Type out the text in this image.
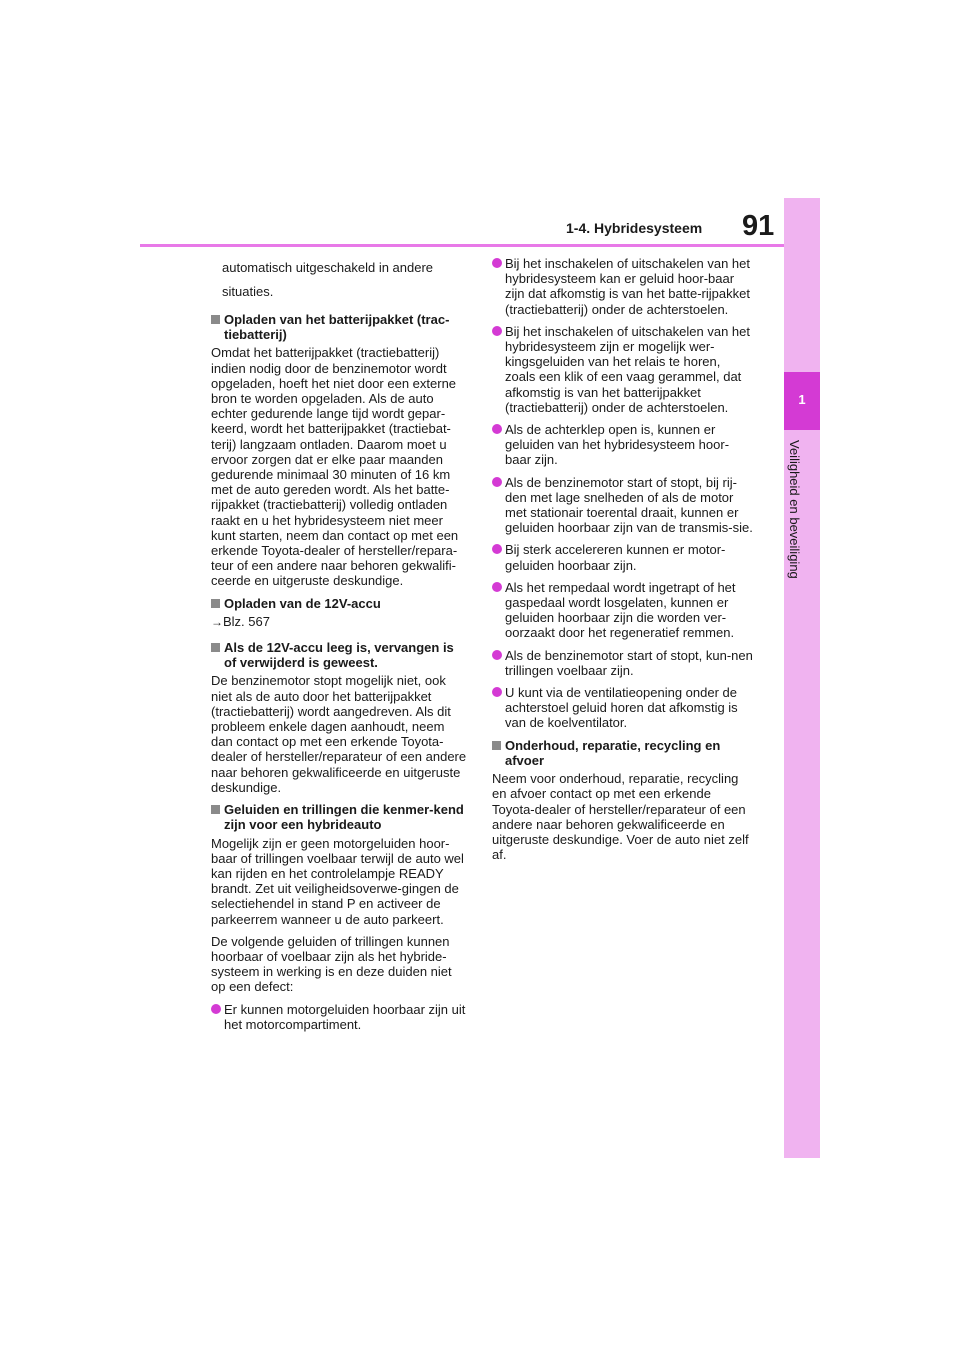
91
1-4. Hybridesysteem
1
Veiligheid en beveiliging
automatisch uitgeschakeld in andere situaties.
Opladen van het batterijpakket (trac-tiebatterij)
Omdat het batterijpakket (tractiebatterij) indien nodig door de benzinemotor wordt opgeladen, hoeft het niet door een externe bron te worden opgeladen. Als de auto echter gedurende lange tijd wordt gepar-keerd, wordt het batterijpakket (tractiebat-terij) langzaam ontladen. Daarom moet u ervoor zorgen dat er elke paar maanden gedurende minimaal 30 minuten of 16 km met de auto gereden wordt. Als het batte-rijpakket (tractiebatterij) volledig ontladen raakt en u het hybridesysteem niet meer kunt starten, neem dan contact op met een erkende Toyota-dealer of hersteller/repara-teur of een andere naar behoren gekwalifi-ceerde en uitgeruste deskundige.
Opladen van de 12V-accu
→Blz. 567
Als de 12V-accu leeg is, vervangen is of verwijderd is geweest.
De benzinemotor stopt mogelijk niet, ook niet als de auto door het batterijpakket (tractiebatterij) wordt aangedreven. Als dit probleem enkele dagen aanhoudt, neem dan contact op met een erkende Toyota-dealer of hersteller/reparateur of een andere naar behoren gekwalificeerde en uitgeruste deskundige.
Geluiden en trillingen die kenmer-kend zijn voor een hybrideauto
Mogelijk zijn er geen motorgeluiden hoor-baar of trillingen voelbaar terwijl de auto wel kan rijden en het controlelampje READY brandt. Zet uit veiligheidsoverwe-gingen de selectiehendel in stand P en activeer de parkeerrem wanneer u de auto parkeert.
De volgende geluiden of trillingen kunnen hoorbaar of voelbaar zijn als het hybride-systeem in werking is en deze duiden niet op een defect:
Er kunnen motorgeluiden hoorbaar zijn uit het motorcompartiment.
Bij het inschakelen of uitschakelen van het hybridesysteem kan er geluid hoor-baar zijn dat afkomstig is van het batte-rijpakket (tractiebatterij) onder de achterstoelen.
Bij het inschakelen of uitschakelen van het hybridesysteem zijn er mogelijk wer-kingsgeluiden van het relais te horen, zoals een klik of een vaag gerammel, dat afkomstig is van het batterijpakket (tractiebatterij) onder de achterstoelen.
Als de achterklep open is, kunnen er geluiden van het hybridesysteem hoor-baar zijn.
Als de benzinemotor start of stopt, bij rij-den met lage snelheden of als de motor met stationair toerental draait, kunnen er geluiden hoorbaar zijn van de transmis-sie.
Bij sterk accelereren kunnen er motor-geluiden hoorbaar zijn.
Als het rempedaal wordt ingetrapt of het gaspedaal wordt losgelaten, kunnen er geluiden hoorbaar zijn die worden ver-oorzaakt door het regeneratief remmen.
Als de benzinemotor start of stopt, kun-nen trillingen voelbaar zijn.
U kunt via de ventilatieopening onder de achterstoel geluid horen dat afkomstig is van de koelventilator.
Onderhoud, reparatie, recycling en afvoer
Neem voor onderhoud, reparatie, recycling en afvoer contact op met een erkende Toyota-dealer of hersteller/reparateur of een andere naar behoren gekwalificeerde en uitgeruste deskundige. Voer de auto niet zelf af.
